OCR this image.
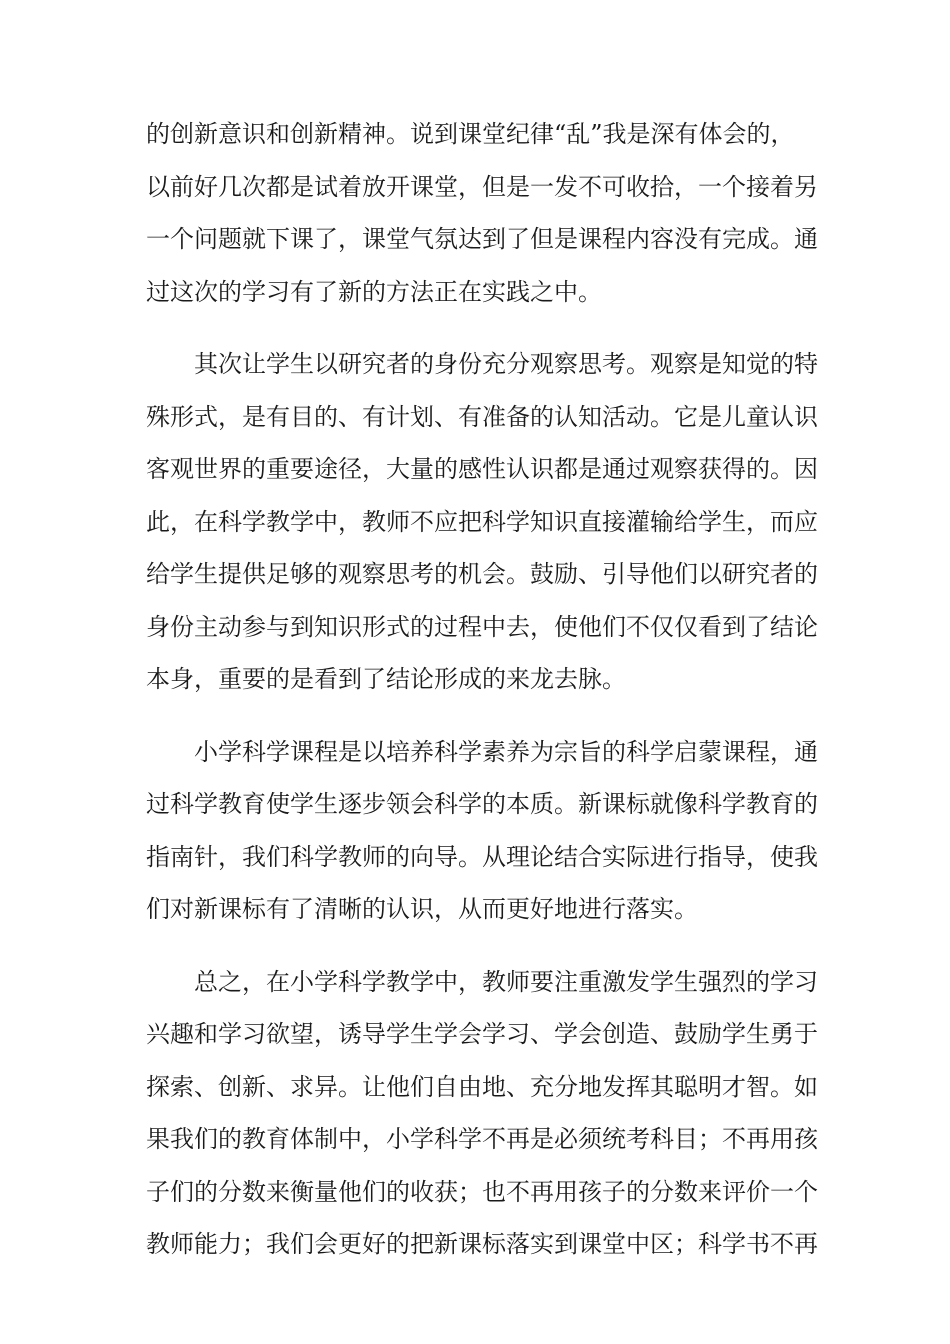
的创新意识和创新精神。说到课堂纪律“乱”我是深有体会的，
以前好几次都是试着放开课堂，但是一发不可收拾，一个接着另
一个问题就下课了，课堂气氛达到了但是课程内容没有完成。通
过这次的学习有了新的方法正在实践之中。
其次让学生以研究者的身份充分观察思考。观察是知觉的特
殊形式，是有目的、有计划、有准备的认知活动。它是儿童认识
客观世界的重要途径，大量的感性认识都是通过观察获得的。因
此，在科学教学中，教师不应把科学知识直接灌输给学生，而应
给学生提供足够的观察思考的机会。鼓励、引导他们以研究者的
身份主动参与到知识形式的过程中去，使他们不仅仅看到了结论
本身，重要的是看到了结论形成的来龙去脉。
小学科学课程是以培养科学素养为宗旨的科学启蒙课程，通
过科学教育使学生逐步领会科学的本质。新课标就像科学教育的
指南针，我们科学教师的向导。从理论结合实际进行指导，使我
们对新课标有了清晰的认识，从而更好地进行落实。
总之，在小学科学教学中，教师要注重激发学生强烈的学习
兴趣和学习欲望，诱导学生学会学习、学会创造、鼓励学生勇于
探索、创新、求异。让他们自由地、充分地发挥其聪明才智。如
果我们的教育体制中，小学科学不再是必须统考科目；不再用孩
子们的分数来衡量他们的收获；也不再用孩子的分数来评价一个
教师能力；我们会更好的把新课标落实到课堂中区；科学书不再
